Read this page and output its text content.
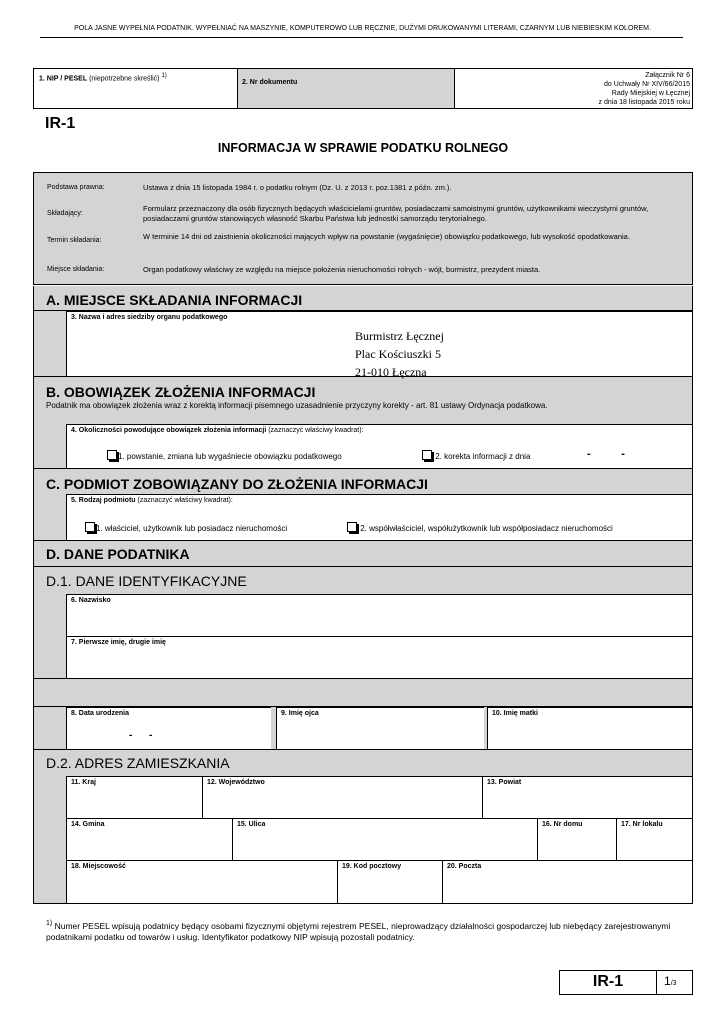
POLA JASNE WYPEŁNIA PODATNIK. WYPEŁNIAĆ NA MASZYNIE, KOMPUTEROWO LUB RĘCZNIE, DUŻYMI DRUKOWANYMI LITERAMI, CZARNYM LUB NIEBIESKIM KOLOREM.
1. NIP / PESEL (niepotrzebne skreślić) $^{1)}$
2. Nr dokumentu
Załącznik Nr 6
do Uchwały Nr XIV/66/2015
Rady Miejskiej w Łęcznej
z dnia 18 listopada 2015 roku
IR-1
INFORMACJA W SPRAWIE PODATKU ROLNEGO
Podstawa prawna:	Ustawa z dnia 15 listopada 1984 r. o podatku rolnym (Dz. U. z 2013 r. poz.1381 z późn. zm.).
Składający:
Formularz przeznaczony dla osób fizycznych będących właścicielami gruntów, posiadaczami samoistnymi gruntów, użytkownikami wieczystymi gruntów, posiadaczami gruntów stanowiących własność Skarbu Państwa lub jednostki samorządu terytorialnego.
Termin składania:	W terminie 14 dni od zaistnienia okoliczności mających wpływ na powstanie (wygaśnięcie) obowiązku podatkowego, lub wysokość opodatkowania.
Miejsce składania:	Organ podatkowy właściwy ze względu na miejsce położenia nieruchomości rolnych - wójt, burmistrz, prezydent miasta.
A. MIEJSCE SKŁADANIA INFORMACJI
3. Nazwa i adres siedziby organu podatkowego
Burmistrz Łęcznej
Plac Kościuszki 5
21-010 Łęczna
B. OBOWIĄZEK ZŁOŻENIA INFORMACJI
Podatnik ma obowiązek złożenia wraz z korektą informacji pisemnego uzasadnienie przyczyny korekty - art. 81 ustawy Ordynacja podatkowa.
4. Okoliczności powodujące obowiązek złożenia informacji (zaznaczyć właściwy kwadrat):
1. powstanie, zmiana lub wygaśniecie obowiązku podatkowego	2. korekta informacji z dnia	-          -
C. PODMIOT ZOBOWIĄZANY DO ZŁOŻENIA INFORMACJI
5. Rodzaj podmiotu (zaznaczyć właściwy kwadrat):
1. właściciel, użytkownik lub posiadacz nieruchomości	2. współwłaściciel, współużytkownik lub współposiadacz nieruchomości
D. DANE PODATNIKA
D.1. DANE IDENTYFIKACYJNE
6. Nazwisko
7. Pierwsze imię, drugie imię
8. Data urodzenia
-      -
9. Imię ojca	10. Imię matki
D.2. ADRES ZAMIESZKANIA
11. Kraj	12. Województwo	13. Powiat
14. Gmina	15. Ulica	16. Nr domu	17. Nr lokalu
18. Miejscowość	19. Kod pocztowy	20. Poczta
$^{1)}$ Numer PESEL wpisują podatnicy będący osobami fizycznymi objętymi rejestrem PESEL, nieprowadzący działalności gospodarczej lub niebędący zarejestrowanymi podatnikami podatku od towarów i usług. Identyfikator podatkowy NIP wpisują pozostali podatnicy.
IR-1	1/3
